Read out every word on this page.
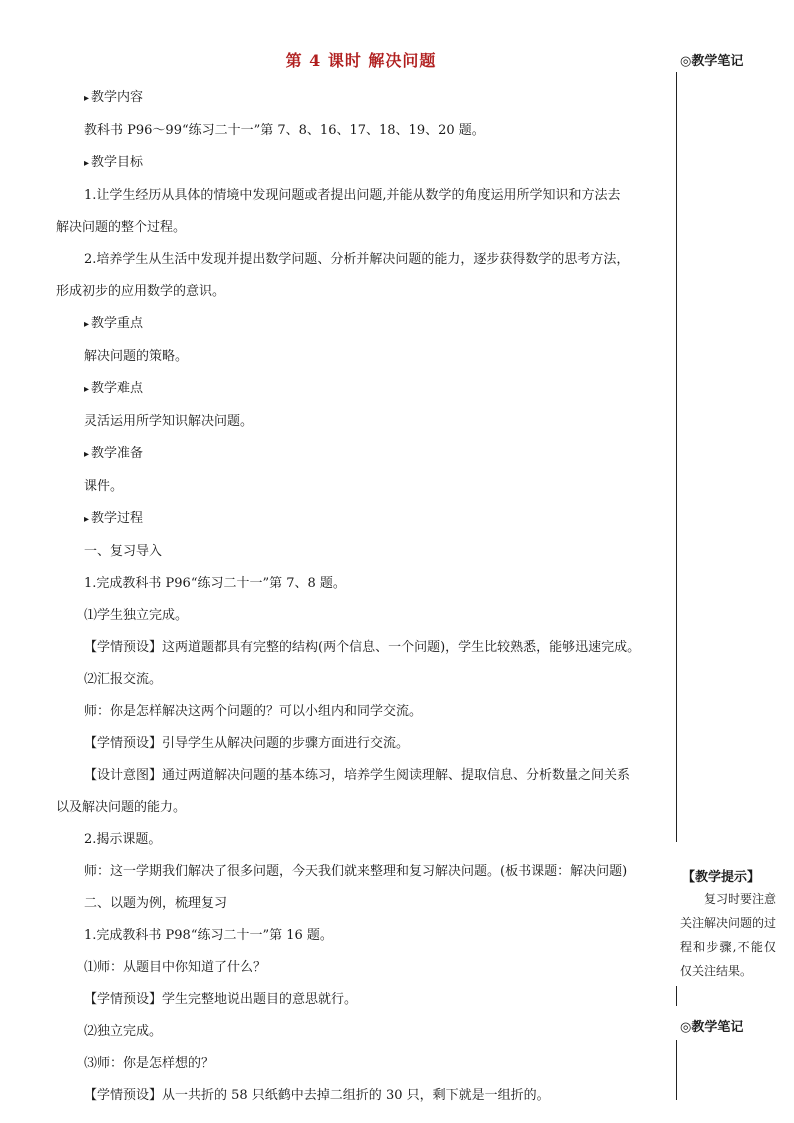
第 4 课时 解决问题

▸ 教学内容

教科书 P96～99“练习二十一”第 7、8、16、17、18、19、20 题。

▸ 教学目标

1.让学生经历从具体的情境中发现问题或者提出问题,并能从数学的角度运用所学知识和方法去

解决问题的整个过程。

2.培养学生从生活中发现并提出数学问题、分析并解决问题的能力，逐步获得数学的思考方法，

形成初步的应用数学的意识。

▸ 教学重点

解决问题的策略。

▸ 教学难点

灵活运用所学知识解决问题。

▸ 教学准备

课件。

▸ 教学过程

一、复习导入

1.完成教科书 P96“练习二十一”第 7、8 题。

⑴学生独立完成。

【学情预设】这两道题都具有完整的结构(两个信息、一个问题)，学生比较熟悉，能够迅速完成。

⑵汇报交流。

师：你是怎样解决这两个问题的？可以小组内和同学交流。

【学情预设】引导学生从解决问题的步骤方面进行交流。

【设计意图】通过两道解决问题的基本练习，培养学生阅读理解、提取信息、分析数量之间关系

以及解决问题的能力。

2.揭示课题。

师：这一学期我们解决了很多问题，今天我们就来整理和复习解决问题。(板书课题：解决问题)

二、以题为例，梳理复习

1.完成教科书 P98“练习二十一”第 16 题。

⑴师：从题目中你知道了什么？

【学情预设】学生完整地说出题目的意思就行。

⑵独立完成。

⑶师：你是怎样想的？

【学情预设】从一共折的 58 只纸鹤中去掉二组折的 30 只，剩下就是一组折的。

◎教学笔记
【教学提示】
复习时要注意关注解决问题的过程和步骤,不能仅仅关注结果。
◎教学笔记
